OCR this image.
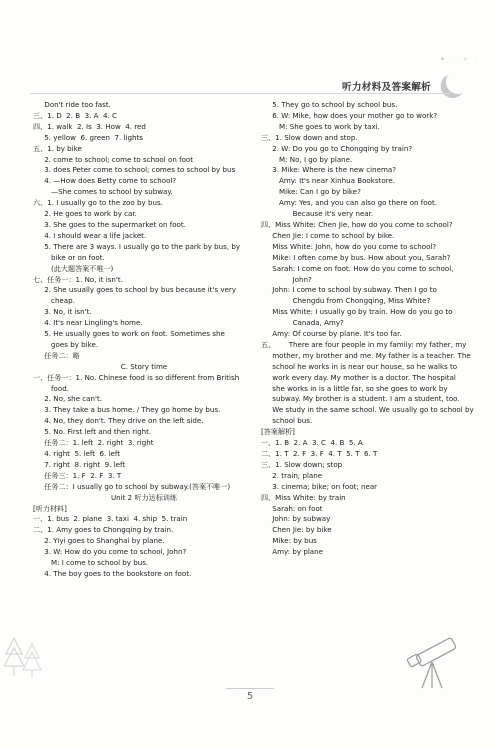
✦ · ✧ ·
听力材料及答案解析
Don't ride too fast.
三、1. D  2. B  3. A  4. C
四、1. walk  2. Is  3. How  4. red
5. yellow  6. green  7. lights
五、1. by bike
2. come to school; come to school on foot
3. does Peter come to school; comes to school by bus
4. —How does Betty come to school?
—She comes to school by subway.
六、1. I usually go to the zoo by bus.
2. He goes to work by car.
3. She goes to the supermarket on foot.
4. I should wear a life jacket.
5. There are 3 ways. I usually go to the park by bus, by
bike or on foot.
(此大题答案不唯一)
七、任务一：1. No, it isn't.
2. She usually goes to school by bus because it's very
cheap.
3. No, it isn't.
4. It's near Lingling's home.
5. He usually goes to work on foot. Sometimes she
goes by bike.
任务二：略
C. Story time
一、任务一：1. No. Chinese food is so different from British
food.
2. No, she can't.
3. They take a bus home. / They go home by bus.
4. No, they don't. They drive on the left side.
5. No. First left and then right.
任务二：1. left  2. right  3. right
4. right  5. left  6. left
7. right  8. right  9. left
任务三：1. F  2. F  3. T
任务二：I usually go to school by subway.(答案不唯一)
Unit 2 听力达标训练
[听力材料]
一、1. bus  2. plane  3. taxi  4. ship  5. train
二、1. Amy goes to Chongqing by train.
2. Yiyi goes to Shanghai by plane.
3. W: How do you come to school, John?
M: I come to school by bus.
4. The boy goes to the bookstore on foot.
5. They go to school by school bus.
6. W: Mike, how does your mother go to work?
M: She goes to work by taxi.
三、1. Slow down and stop.
2. W: Do you go to Chongqing by train?
M: No, I go by plane.
3. Mike: Where is the new cinema?
Amy: It's near Xinhua Bookstore.
Mike: Can I go by bike?
Amy: Yes, and you can also go there on foot.
Because it's very near.
四、Miss White: Chen Jie, how do you come to school?
Chen Jie: I come to school by bike.
Miss White: John, how do you come to school?
Mike: I often come by bus. How about you, Sarah?
Sarah: I come on foot. How do you come to school,
John?
John: I come to school by subway. Then I go to
Chengdu from Chongqing, Miss White?
Miss White: I usually go by train. How do you go to
Canada, Amy?
Amy: Of course by plane. It's too far.
五、      There are four people in my family: my father, my
mother, my brother and me. My father is a teacher. The
school he works in is near our house, so he walks to
work every day. My mother is a doctor. The hospital
she works in is a little far, so she goes to work by
subway. My brother is a student. I am a student, too.
We study in the same school. We usually go to school by
school bus.
[答案解析]
一、1. B  2. A  3. C  4. B  5. A
二、1. T  2. F  3. F  4. T  5. T  6. T
三、1. Slow down; stop
2. train; plane
3. cinema; bike; on foot; near
四、Miss White: by train
Sarah: on foot
John: by subway
Chen Jie: by bike
Mike: by bus
Amy: by plane
5
